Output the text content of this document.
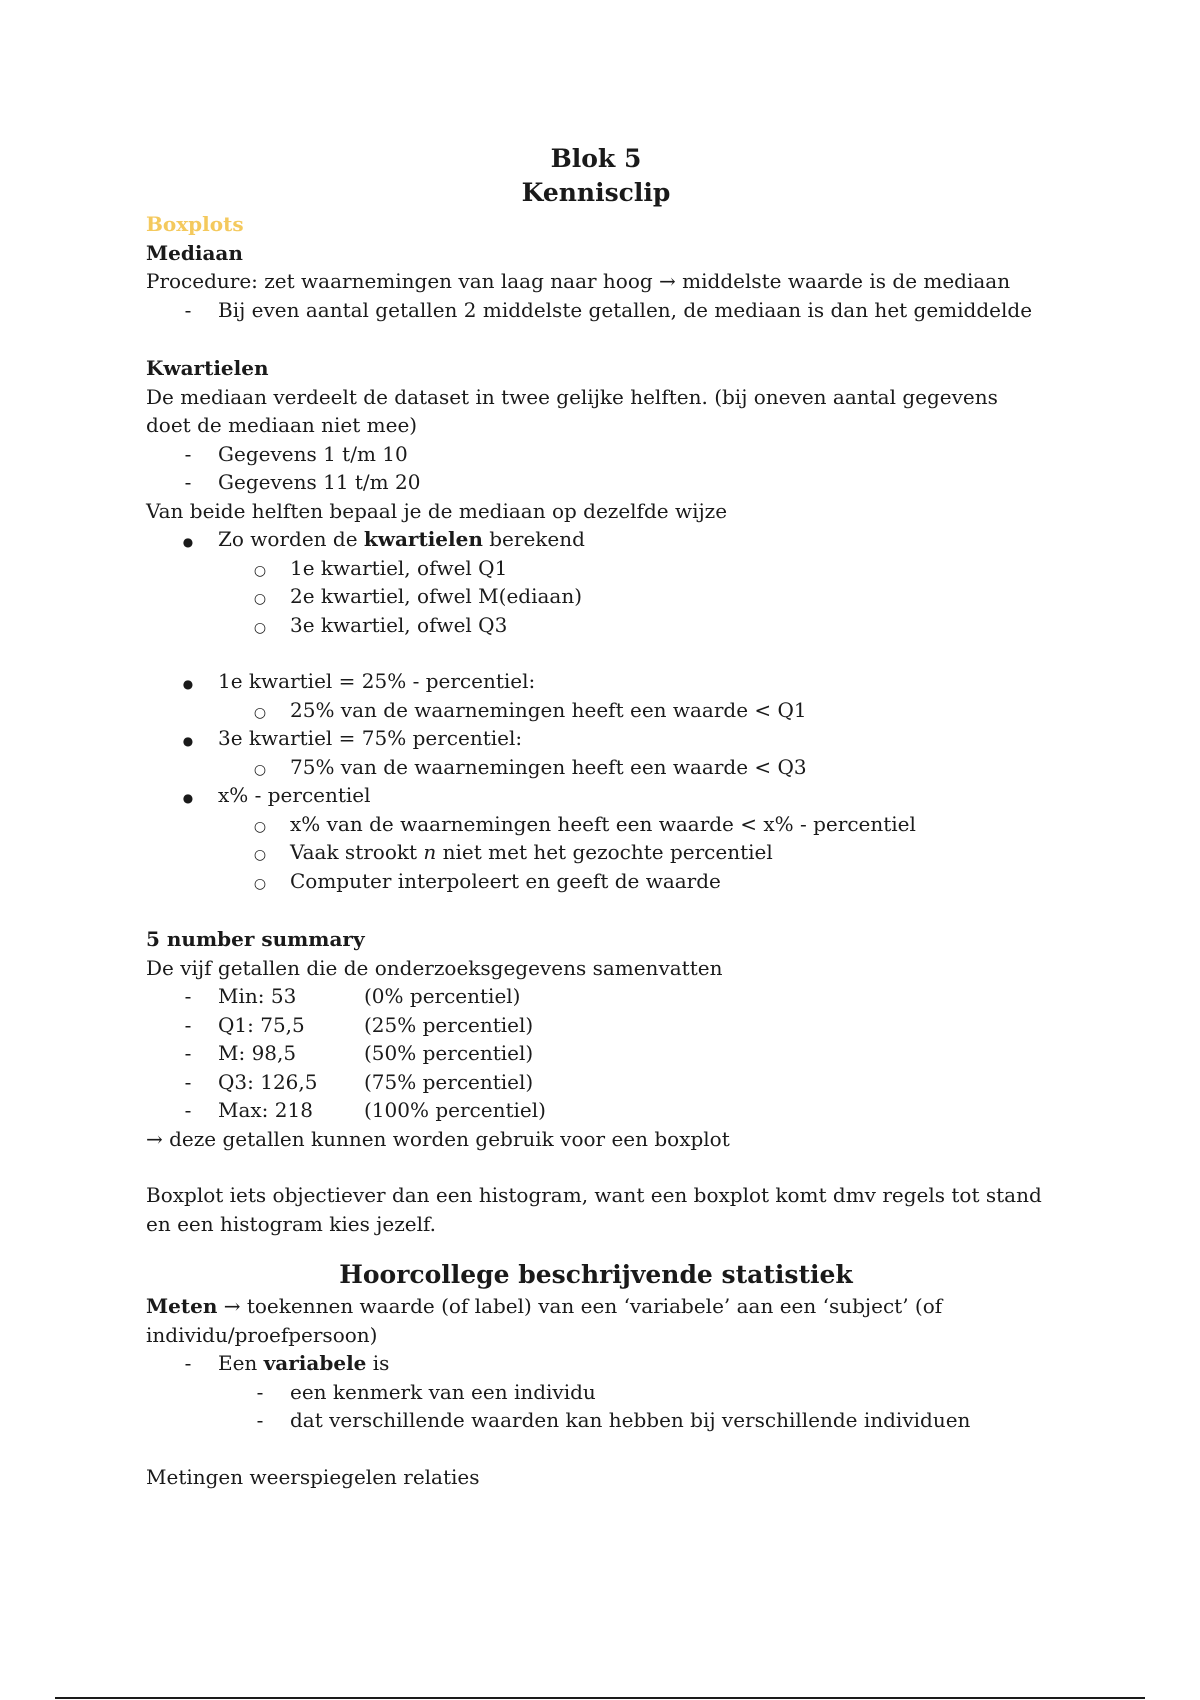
Blok 5
Kennisclip
Boxplots
Mediaan
Procedure: zet waarnemingen van laag naar hoog → middelste waarde is de mediaan
-
Bij even aantal getallen 2 middelste getallen, de mediaan is dan het gemiddelde
Kwartielen
De mediaan verdeelt de dataset in twee gelijke helften. (bij oneven aantal gegevens doet de mediaan niet mee)
-
Gegevens 1 t/m 10
-
Gegevens 11 t/m 20
Van beide helften bepaal je de mediaan op dezelfde wijze
●
Zo worden de kwartielen berekend
○
1e kwartiel, ofwel Q1
○
2e kwartiel, ofwel M(ediaan)
○
3e kwartiel, ofwel Q3
●
1e kwartiel = 25% - percentiel:
○
25% van de waarnemingen heeft een waarde < Q1
●
3e kwartiel = 75% percentiel:
○
75% van de waarnemingen heeft een waarde < Q3
●
x% - percentiel
○
x% van de waarnemingen heeft een waarde < x% - percentiel
○
Vaak strookt n niet met het gezochte percentiel
○
Computer interpoleert en geeft de waarde
5 number summary
De vijf getallen die de onderzoeksgegevens samenvatten
-
Min: 53	(0% percentiel)
-
Q1: 75,5	(25% percentiel)
-
M: 98,5	(50% percentiel)
-
Q3: 126,5 (75% percentiel)
-
Max: 218	(100% percentiel)
→ deze getallen kunnen worden gebruik voor een boxplot
Boxplot iets objectiever dan een histogram, want een boxplot komt dmv regels tot stand en een histogram kies jezelf.
Hoorcollege beschrijvende statistiek
Meten → toekennen waarde (of label) van een ‘variabele’ aan een ‘subject’ (of individu/proefpersoon)
-
Een variabele is
-
een kenmerk van een individu
-
dat verschillende waarden kan hebben bij verschillende individuen
Metingen weerspiegelen relaties
